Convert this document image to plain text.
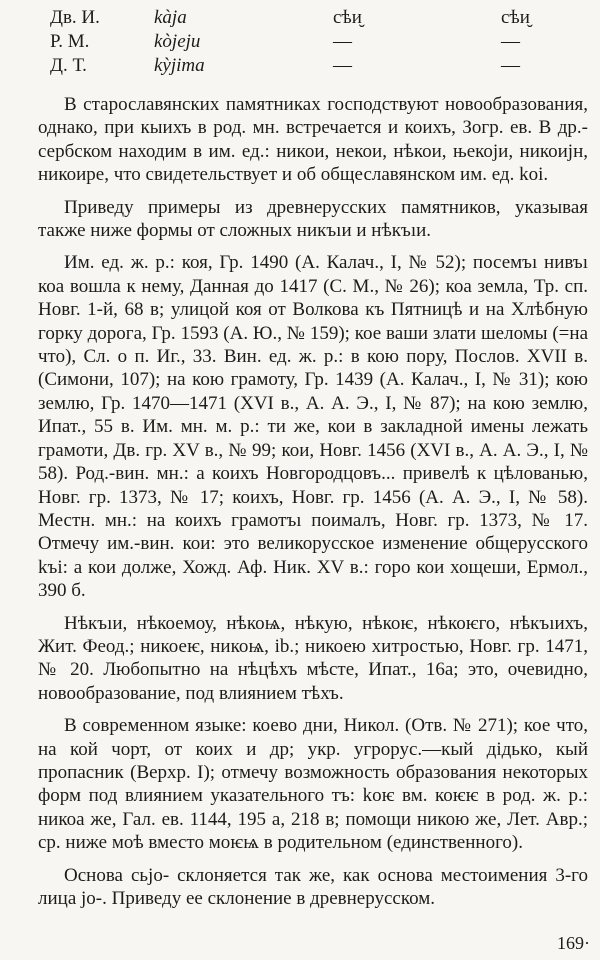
Дв. И.	kàja	сѣи̮	сѣи̮
Р. М.	kòjeju	—	—
Д. Т.	kỳjima	—	—

В старославянских памятниках господствуют новообразования, однако, при кыихъ в род. мн. встречается и коихъ, Зогр. ев. В др.-сербском находим в им. ед.: никои, некои, нѣкои, њекоји, никоијн, никоире, что свидетельствует и об общеславянском им. ед. koi.

Приведу примеры из древнерусских памятников, указывая также ниже формы от сложных никъıи и нѣкъıи.

Им. ед. ж. р.: коя, Гр. 1490 (А. Калач., I, № 52); посемъı нивъı коа вошла к нему, Данная до 1417 (С. М., № 26); коа земла, Тр. сп. Новг. 1-й, 68 в; улицой коя от Волкова къ Пятницѣ и на Хлѣбную горку дорога, Гр. 1593 (А. Ю., № 159); кое ваши злати шеломы (=на что), Сл. о п. Иг., 33. Вин. ед. ж. р.: в кою пору, Послов. XVII в. (Симони, 107); на кою грамоту, Гр. 1439 (А. Калач., I, № 31); кою землю, Гр. 1470—1471 (XVI в., А. А. Э., I, № 87); на кою землю, Ипат., 55 в. Им. мн. м. р.: ти же, кои в закладной имены лежать грамоти, Дв. гр. XV в., № 99; кои, Новг. 1456 (XVI в., А. А. Э., I, № 58). Род.-вин. мн.: а коихъ Новгородцовъ... привелѣ к цѣлованью, Новг. гр. 1373, № 17; коихъ, Новг. гр. 1456 (А. А. Э., I, № 58). Местн. мн.: на коихъ грамотъı поималъ, Новг. гр. 1373, № 17. Отмечу им.-вин. кои: это великорусское изменение общерусского kъi: а кои долже, Хожд. Аф. Ник. XV в.: горо кои хощеши, Ермол., 390 б.

Нѣкъıи, нѣкоемоу, нѣкоѩ, нѣкую, нѣкоѥ, нѣкоѥго, нѣкъıихъ, Жит. Феод.; никоеѥ, никоѩ, ib.; никоею хитростью, Новг. гр. 1471, № 20. Любопытно на нѣцѣхъ мѣсте, Ипат., 16а; это, очевидно, новообразование, под влиянием тѣхъ.

В современном языке: коево дни, Никол. (Отв. № 271); кое что, на кой чорт, от коих и др; укр. угрорус.—кый дідько, кый пропасник (Верхр. I); отмечу возможность образования некоторых форм под влиянием указательного тъ: kоѥ вм. коѥѥ в род. ж. р.: никоа же, Гал. ев. 1144, 195 а, 218 в; помощи никою же, Лет. Авр.; ср. ниже моѣ вместо моѥѩ в родительном (единственного).

Основа сьjо- склоняется так же, как основа местоимения 3-го лица jo-. Приведу ее склонение в древнерусском.

169·
